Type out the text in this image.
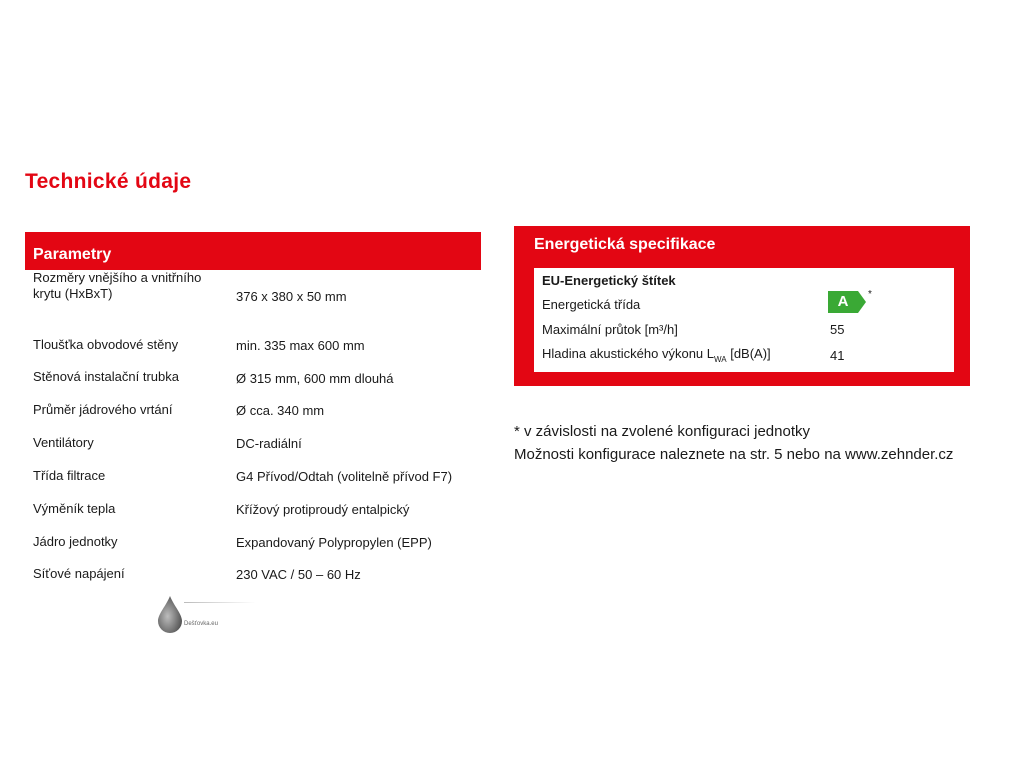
Technické údaje
Parametry
Rozměry vnějšího a vnitřního krytu (HxBxT)	376 x 380 x 50 mm
Tloušťka obvodové stěny	min. 335 max 600 mm
Stěnová instalační trubka	Ø 315 mm, 600 mm dlouhá
Průměr jádrového vrtání	Ø cca. 340 mm
Ventilátory	DC-radiální
Třída filtrace	G4 Přívod/Odtah (volitelně přívod F7)
Výměník tepla	Křížový protiproudý entalpický
Jádro jednotky	Expandovaný Polypropylen (EPP)
Síťové napájení	230 VAC / 50 – 60 Hz
Energetická specifikace
EU-Energetický štítek
Energetická třída	A	*
Maximální průtok [m³/h]	55
Hladina akustického výkonu $L_{WA}$ [dB(A)]	41
* v závislosti na zvolené konfiguraci jednotky
Možnosti konfigurace naleznete na str. 5 nebo na www.zehnder.cz
Dešťovka.eu
